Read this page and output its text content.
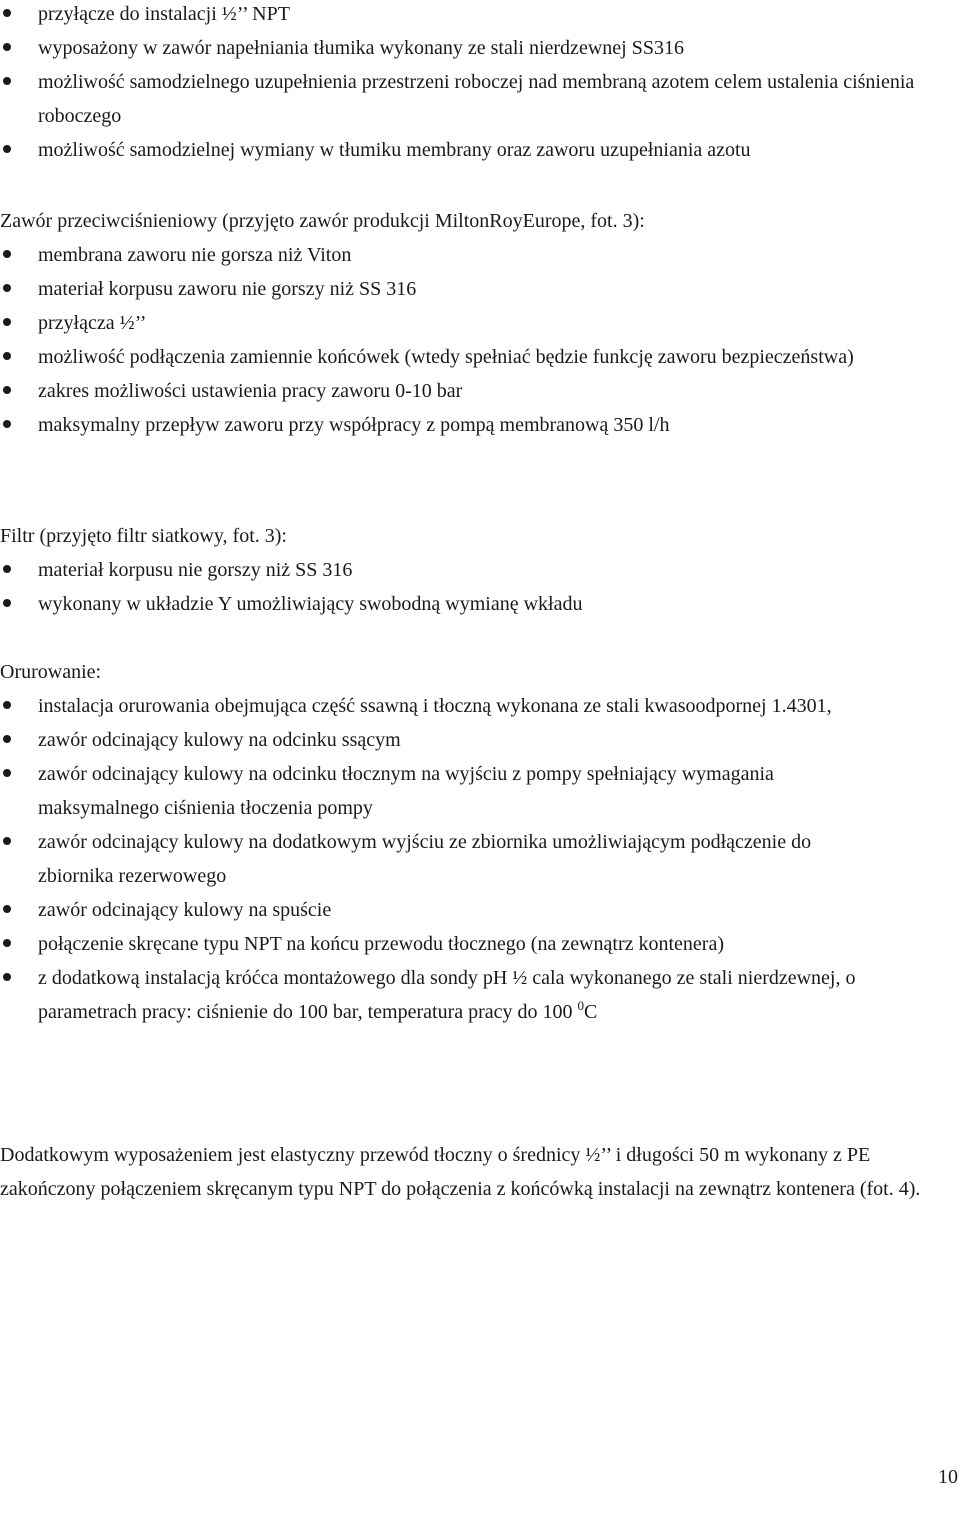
przyłącze do instalacji ½’’ NPT
wyposażony w zawór napełniania tłumika wykonany ze stali nierdzewnej SS316
możliwość samodzielnego uzupełnienia przestrzeni roboczej nad membraną azotem celem ustalenia ciśnienia roboczego
możliwość samodzielnej wymiany w tłumiku membrany oraz zaworu uzupełniania azotu

Zawór przeciwciśnieniowy (przyjęto zawór produkcji MiltonRoyEurope, fot. 3):

membrana zaworu nie gorsza niż Viton
materiał korpusu zaworu nie gorszy niż SS 316
przyłącza ½’’
możliwość podłączenia zamiennie końcówek (wtedy spełniać będzie funkcję zaworu bezpieczeństwa)
zakres możliwości ustawienia pracy zaworu 0-10 bar
maksymalny przepływ zaworu przy współpracy z pompą membranową 350 l/h

Filtr (przyjęto filtr siatkowy, fot. 3):

materiał korpusu nie gorszy niż SS 316
wykonany w układzie Y umożliwiający swobodną wymianę wkładu

Orurowanie:

instalacja orurowania obejmująca część ssawną i tłoczną wykonana ze stali kwasoodpornej 1.4301,
zawór odcinający kulowy na odcinku ssącym
zawór odcinający kulowy na odcinku tłocznym na wyjściu z pompy spełniający wymagania maksymalnego ciśnienia tłoczenia pompy
zawór odcinający kulowy na dodatkowym wyjściu ze zbiornika umożliwiającym podłączenie do zbiornika rezerwowego
zawór odcinający kulowy na spuście
połączenie skręcane typu NPT na końcu przewodu tłocznego (na zewnątrz kontenera)
z dodatkową instalacją króćca montażowego dla sondy pH ½ cala wykonanego ze stali nierdzewnej, o parametrach pracy: ciśnienie do 100 bar, temperatura pracy do 100 $^0$C

Dodatkowym wyposażeniem jest elastyczny przewód tłoczny o średnicy ½’’ i długości 50 m wykonany z PE zakończony połączeniem skręcanym typu NPT do połączenia z końcówką instalacji na zewnątrz kontenera (fot. 4).

10
